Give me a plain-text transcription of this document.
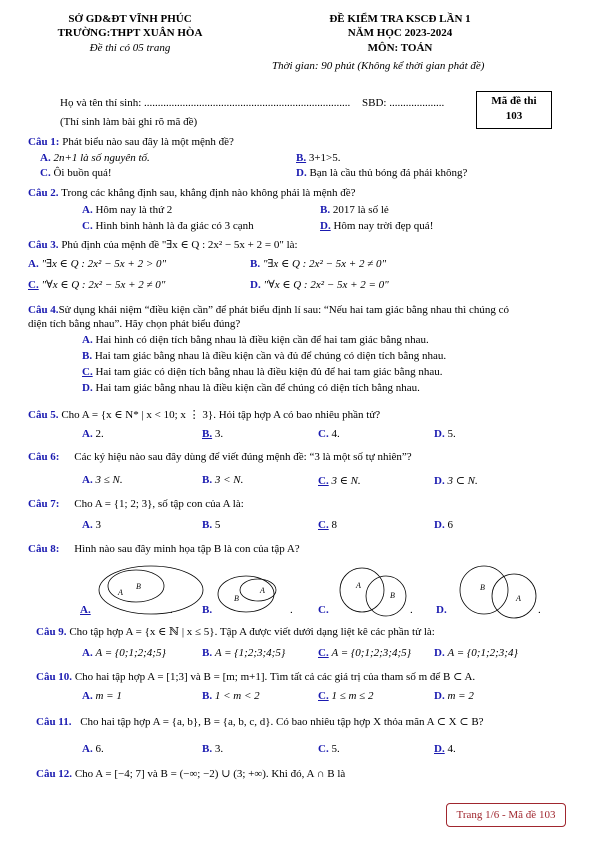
SỞ GD&ĐT VĨNH PHÚC
TRƯỜNG:THPT XUÂN HÒA
Đề thi có 05 trang
ĐỀ KIỂM TRA KSCĐ LẦN 1
NĂM HỌC 2023-2024
MÔN: TOÁN
Thời gian: 90 phút (Không kể thời gian phát đề)
Họ và tên thí sinh: ........................................................................... SBD: ....................
(Thí sinh làm bài ghi rõ mã đề)
Mã đề thi
103
Câu 1: Phát biểu nào sau đây là một mệnh đề?
A. 2n+1 là số nguyên tố.	B. 3+1>5.
C. Ôi buồn quá!	D. Bạn là cầu thủ bóng đá phải không?
Câu 2. Trong các khẳng định sau, khẳng định nào không phải là mệnh đề?
A. Hôm nay là thứ 2	B. 2017 là số lẻ
C. Hình bình hành là đa giác có 3 cạnh	D. Hôm nay trời đẹp quá!
Câu 3. Phủ định của mệnh đề "∃x ∈ Q : 2x² − 5x + 2 = 0" là:
A. "∃x ∈ Q : 2x² − 5x + 2 > 0"	B. "∃x ∈ Q : 2x² − 5x + 2 ≠ 0"
C. "∀x ∈ Q : 2x² − 5x + 2 ≠ 0"	D. "∀x ∈ Q : 2x² − 5x + 2 = 0"
Câu 4.Sử dụng khái niệm “điều kiện cần” để phát biểu định lí sau: “Nếu hai tam giác bằng nhau thì chúng có
diện tích bằng nhau”. Hãy chọn phát biểu đúng?
A. Hai hình có diện tích bằng nhau là điều kiện cần để hai tam giác bằng nhau.
B. Hai tam giác bằng nhau là điều kiện cần và đủ để chúng có diện tích bằng nhau.
C. Hai tam giác có diện tích bằng nhau là điều kiện đủ để hai tam giác bằng nhau.
D. Hai tam giác bằng nhau là điều kiện cần để chúng có diện tích bằng nhau.
Câu 5. Cho A = {x ∈ N* | x < 10; x ⋮ 3}. Hỏi tập hợp A có bao nhiêu phần tử?
A. 2.	B. 3.	C. 4.	D. 5.
Câu 6: Các ký hiệu nào sau đây dùng để viết đúng mệnh đề: “3 là một số tự nhiên”?
A. 3 ≤ N.	B. 3 < N.	C. 3 ∈ N.	D. 3 ⊂ N.
Câu 7: Cho A = {1; 2; 3}, số tập con của A là:
A. 3	B. 5	C. 8	D. 6
Câu 8: Hình nào sau đây minh họa tập B là con của tập A?
B
A
A.	.
A
B
B.	.
A
B
C.	.
B
A
D.	.
Câu 9. Cho tập hợp A = {x ∈ ℕ | x ≤ 5}. Tập A được viết dưới dạng liệt kê các phần tử là:
A. A = {0;1;2;4;5}	B. A = {1;2;3;4;5}	C. A = {0;1;2;3;4;5} D. A = {0;1;2;3;4}
Câu 10. Cho hai tập hợp A = [1;3] và B = [m; m+1]. Tìm tất cả các giá trị của tham số m để B ⊂ A.
A. m = 1	B. 1 < m < 2	C. 1 ≤ m ≤ 2	D. m = 2
Câu 11. Cho hai tập hợp A = {a, b}, B = {a, b, c, d}. Có bao nhiêu tập hợp X thỏa mãn A ⊂ X ⊂ B?
A. 6.	B. 3.	C. 5.	D. 4.
Câu 12. Cho A = [−4; 7] và B = (−∞; −2) ∪ (3; +∞). Khi đó, A ∩ B là
Trang 1/6 - Mã đề 103
